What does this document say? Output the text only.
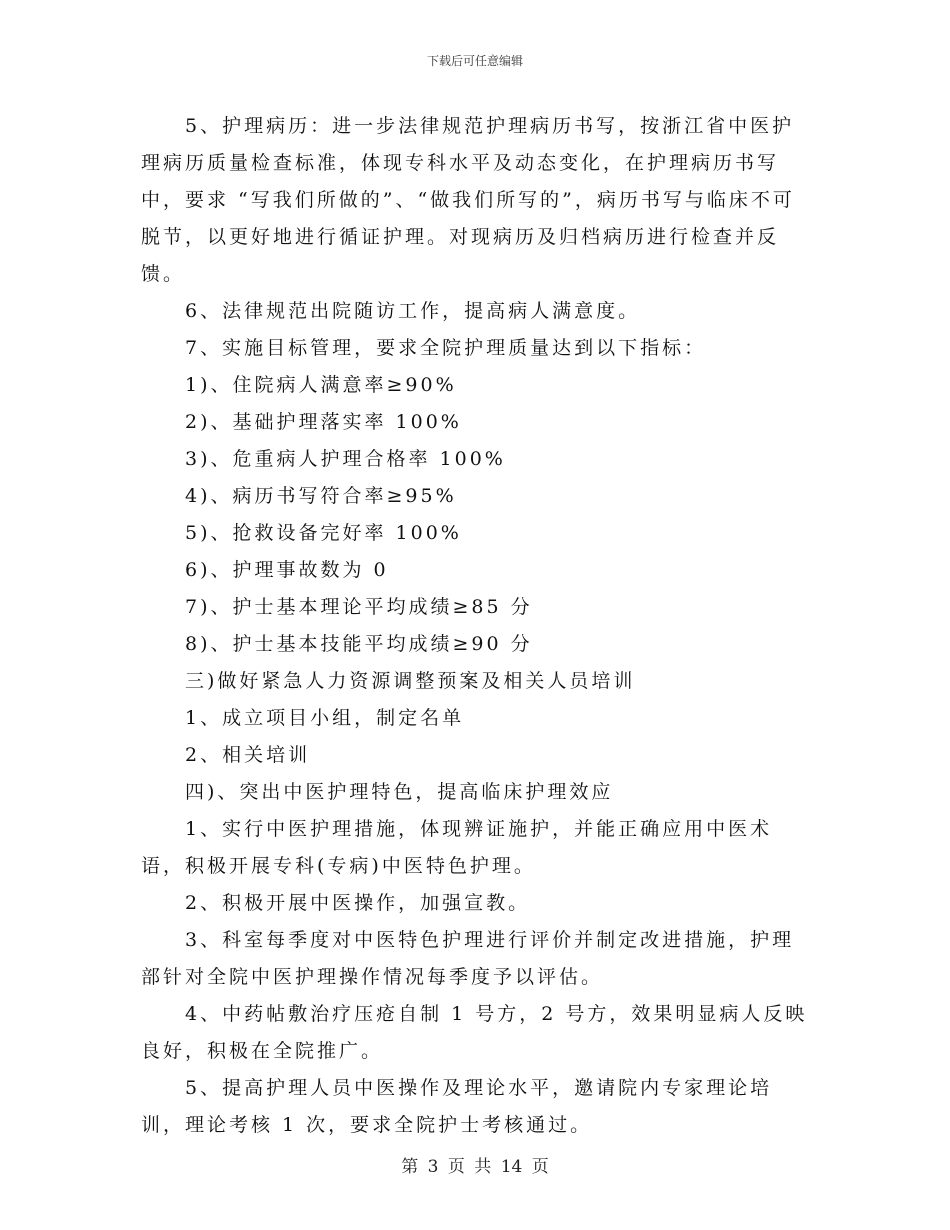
下载后可任意编辑

5、护理病历：进一步法律规范护理病历书写，按浙江省中医护理病历质量检查标准，体现专科水平及动态变化，在护理病历书写中，要求 “写我们所做的”、“做我们所写的”，病历书写与临床不可脱节，以更好地进行循证护理。对现病历及归档病历进行检查并反馈。

6、法律规范出院随访工作，提高病人满意度。

7、实施目标管理，要求全院护理质量达到以下指标：

1)、住院病人满意率≥90%

2)、基础护理落实率 100%

3)、危重病人护理合格率 100%

4)、病历书写符合率≥95%

5)、抢救设备完好率 100%

6)、护理事故数为 0

7)、护士基本理论平均成绩≥85 分

8)、护士基本技能平均成绩≥90 分

三)做好紧急人力资源调整预案及相关人员培训

1、成立项目小组，制定名单

2、相关培训

四)、突出中医护理特色，提高临床护理效应

1、实行中医护理措施，体现辨证施护，并能正确应用中医术语，积极开展专科(专病)中医特色护理。

2、积极开展中医操作，加强宣教。

3、科室每季度对中医特色护理进行评价并制定改进措施，护理部针对全院中医护理操作情况每季度予以评估。

4、中药帖敷治疗压疮自制 1 号方，2 号方，效果明显病人反映良好，积极在全院推广。

5、提高护理人员中医操作及理论水平，邀请院内专家理论培训，理论考核 1 次，要求全院护士考核通过。

第 3 页 共 14 页
